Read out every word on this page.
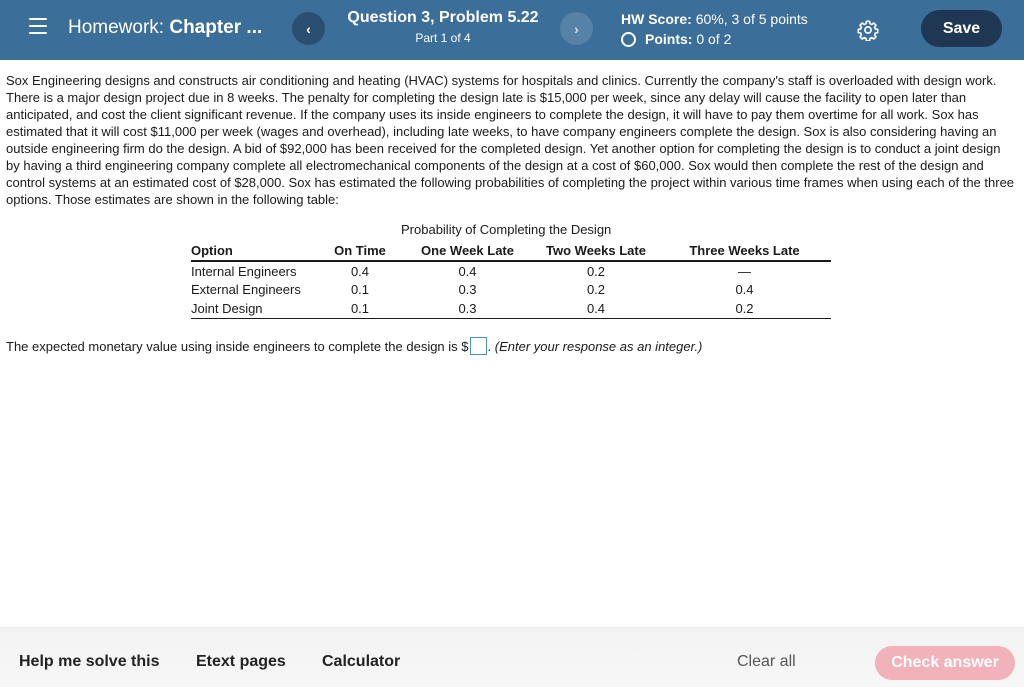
Homework: Chapter ...	‹
Question 3, Problem 5.22
Part 1 of 4
›
HW Score: 60%, 3 of 5 points
Points:
0 of 2
Save
Sox Engineering designs and constructs air conditioning and heating (HVAC) systems for hospitals and clinics. Currently the company's staff is overloaded with design work. There is a major design project due in 8 weeks. The penalty for completing the design late is $15,000 per week, since any delay will cause the facility to open later than anticipated, and cost the client significant revenue. If the company uses its inside engineers to complete the design, it will have to pay them overtime for all work. Sox has estimated that it will cost $11,000 per week (wages and overhead), including late weeks, to have company engineers complete the design. Sox is also considering having an outside engineering firm do the design. A bid of $92,000 has been received for the completed design. Yet another option for completing the design is to conduct a joint design by having a third engineering company complete all electromechanical components of the design at a cost of $60,000. Sox would then complete the rest of the design and control systems at an estimated cost of $28,000. Sox has estimated the following probabilities of completing the project within various time frames when using each of the three options. Those estimates are shown in the following table:
Probability of Completing the Design
Option	On Time	One Week Late	Two Weeks Late	Three Weeks Late
Internal Engineers	0.4	0.4	0.2	—
External Engineers	0.1	0.3	0.2	0.4
Joint Design	0.1	0.3	0.4	0.2
The expected monetary value using inside engineers to complete the design is $ .
(Enter your response as an integer.)
Help me solve this Etext pages Calculator	Clear all	Check answer
